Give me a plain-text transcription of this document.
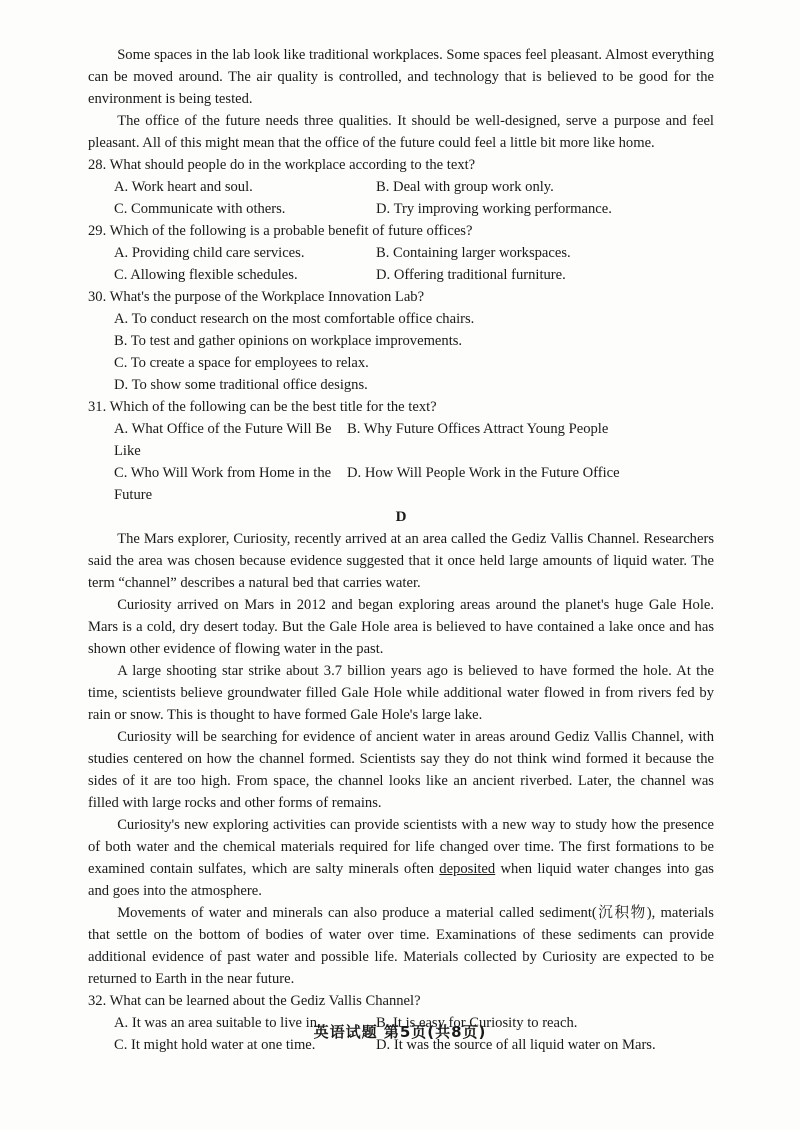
Some spaces in the lab look like traditional workplaces. Some spaces feel pleasant. Almost everything can be moved around. The air quality is controlled, and technology that is believed to be good for the environment is being tested.

The office of the future needs three qualities. It should be well-designed, serve a purpose and feel pleasant. All of this might mean that the office of the future could feel a little bit more like home.

28. What should people do in the workplace according to the text?

A. Work heart and soul.	B. Deal with group work only.
C. Communicate with others.	D. Try improving working performance.

29. Which of the following is a probable benefit of future offices?

A. Providing child care services.	B. Containing larger workspaces.
C. Allowing flexible schedules.	D. Offering traditional furniture.

30. What's the purpose of the Workplace Innovation Lab?

A. To conduct research on the most comfortable office chairs.

B. To test and gather opinions on workplace improvements.

C. To create a space for employees to relax.

D. To show some traditional office designs.

31. Which of the following can be the best title for the text?

A. What Office of the Future Will Be Like
B. Why Future Offices Attract Young People
C. Who Will Work from Home in the Future
D. How Will People Work in the Future Office

D

The Mars explorer, Curiosity, recently arrived at an area called the Gediz Vallis Channel. Researchers said the area was chosen because evidence suggested that it once held large amounts of liquid water. The term “channel” describes a natural bed that carries water.

Curiosity arrived on Mars in 2012 and began exploring areas around the planet's huge Gale Hole. Mars is a cold, dry desert today. But the Gale Hole area is believed to have contained a lake once and has shown other evidence of flowing water in the past.

A large shooting star strike about 3.7 billion years ago is believed to have formed the hole. At the time, scientists believe groundwater filled Gale Hole while additional water flowed in from rivers fed by rain or snow. This is thought to have formed Gale Hole's large lake.

Curiosity will be searching for evidence of ancient water in areas around Gediz Vallis Channel, with studies centered on how the channel formed. Scientists say they do not think wind formed it because the sides of it are too high. From space, the channel looks like an ancient riverbed. Later, the channel was filled with large rocks and other forms of remains.

Curiosity's new exploring activities can provide scientists with a new way to study how the presence of both water and the chemical materials required for life changed over time. The first formations to be examined contain sulfates, which are salty minerals often deposited when liquid water changes into gas and goes into the atmosphere.

Movements of water and minerals can also produce a material called sediment(沉积物), materials that settle on the bottom of bodies of water over time. Examinations of these sediments can provide additional evidence of past water and possible life. Materials collected by Curiosity are expected to be returned to Earth in the near future.

32. What can be learned about the Gediz Vallis Channel?

A. It was an area suitable to live in.	B. It is easy for Curiosity to reach.
C. It might hold water at one time.	D. It was the source of all liquid water on Mars.
英语试题 第5页(共8页)
